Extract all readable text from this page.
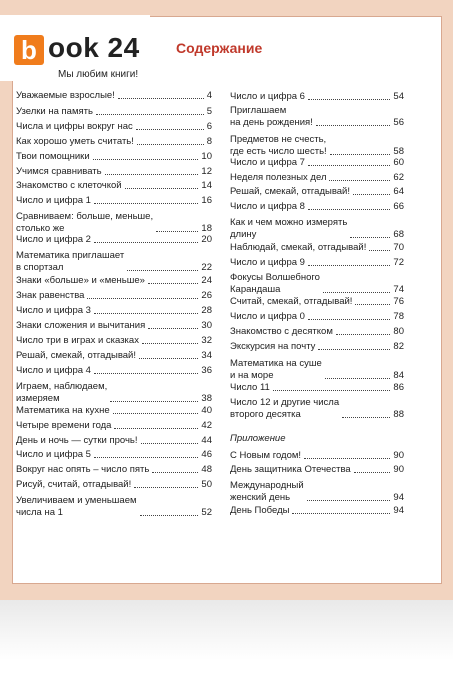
b ook 24
Мы любим книги!
Содержание
Уважаемые взрослые!	4
Узелки на память	5
Числа и цифры вокруг нас	6
Как хорошо уметь считать!	8
Твои помощники	10
Учимся сравнивать	12
Знакомство с клеточкой	14
Число и цифра 1	16
Сравниваем: больше, меньше,
столько же	18
Число и цифра 2	20
Математика приглашает
в спортзал	22
Знаки «больше» и «меньше»	24
Знак равенства	26
Число и цифра 3	28
Знаки сложения и вычитания	30
Число три в играх и сказках	32
Решай, смекай, отгадывай!	34
Число и цифра 4	36
Играем, наблюдаем,
измеряем	38
Математика на кухне	40
Четыре времени года	42
День и ночь — сутки прочь!	44
Число и цифра 5	46
Вокруг нас опять – число пять	48
Рисуй, считай, отгадывай!	50
Увеличиваем и уменьшаем
числа на 1	52
Число и цифра 6	54
Приглашаем
на день рождения!	56
Предметов не счесть,
где есть число шесть!	58
Число и цифра 7	60
Неделя полезных дел	62
Решай, смекай, отгадывай!	64
Число и цифра 8	66
Как и чем можно измерять
длину	68
Наблюдай, смекай, отгадывай!	70
Число и цифра 9	72
Фокусы Волшебного
Карандаша	74
Считай, смекай, отгадывай!	76
Число и цифра 0	78
Знакомство с десятком	80
Экскурсия на почту	82
Математика на суше
и на море	84
Число 11	86
Число 12 и другие числа
второго десятка	88
Приложение
С Новым годом!	90
День защитника Отечества	90
Международный
женский день	94
День Победы	94
